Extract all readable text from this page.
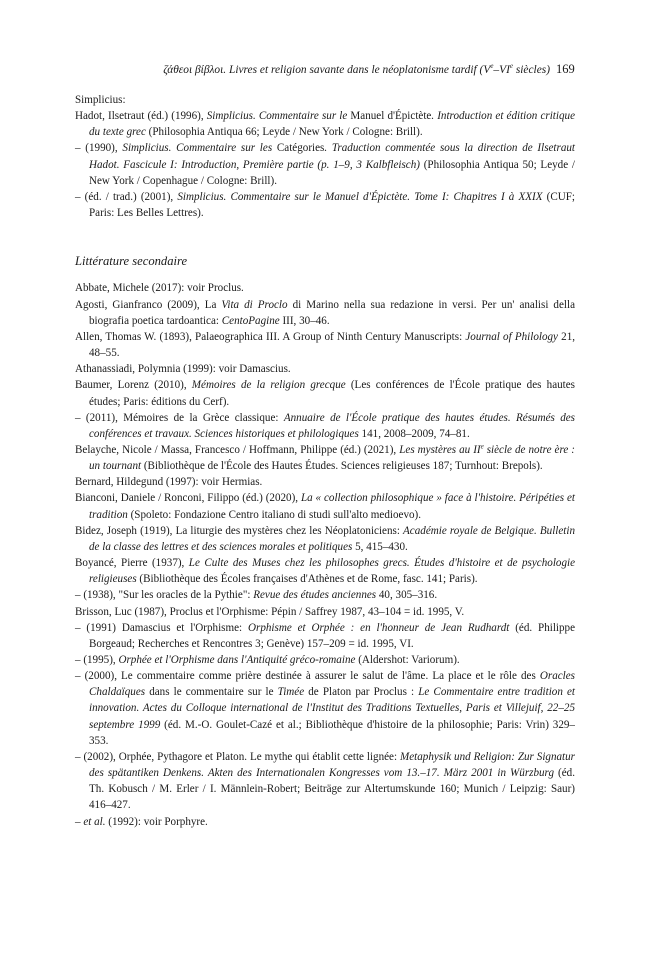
ζάθεοι βίβλοι. Livres et religion savante dans le néoplatonisme tardif (Ve–VIe siècles) 169
Simplicius:
Hadot, Ilsetraut (éd.) (1996), Simplicius. Commentaire sur le Manuel d'Épictète. Introduction et édition critique du texte grec (Philosophia Antiqua 66; Leyde / New York / Cologne: Brill).
– (1990), Simplicius. Commentaire sur les Catégories. Traduction commentée sous la direction de Ilsetraut Hadot. Fascicule I: Introduction, Première partie (p. 1–9, 3 Kalbfleisch) (Philosophia Antiqua 50; Leyde / New York / Copenhague / Cologne: Brill).
– (éd. / trad.) (2001), Simplicius. Commentaire sur le Manuel d'Épictète. Tome I: Chapitres I à XXIX (CUF; Paris: Les Belles Lettres).
Littérature secondaire
Abbate, Michele (2017): voir Proclus.
Agosti, Gianfranco (2009), La Vita di Proclo di Marino nella sua redazione in versi. Per un' analisi della biografia poetica tardoantica: CentoPagine III, 30–46.
Allen, Thomas W. (1893), Palaeographica III. A Group of Ninth Century Manuscripts: Journal of Philology 21, 48–55.
Athanassiadi, Polymnia (1999): voir Damascius.
Baumer, Lorenz (2010), Mémoires de la religion grecque (Les conférences de l'École pratique des hautes études; Paris: éditions du Cerf).
– (2011), Mémoires de la Grèce classique: Annuaire de l'École pratique des hautes études. Résumés des conférences et travaux. Sciences historiques et philologiques 141, 2008–2009, 74–81.
Belayche, Nicole / Massa, Francesco / Hoffmann, Philippe (éd.) (2021), Les mystères au IIe siècle de notre ère : un tournant (Bibliothèque de l'École des Hautes Études. Sciences religieuses 187; Turnhout: Brepols).
Bernard, Hildegund (1997): voir Hermias.
Bianconi, Daniele / Ronconi, Filippo (éd.) (2020), La « collection philosophique » face à l'histoire. Péripéties et tradition (Spoleto: Fondazione Centro italiano di studi sull'alto medioevo).
Bidez, Joseph (1919), La liturgie des mystères chez les Néoplatoniciens: Académie royale de Belgique. Bulletin de la classe des lettres et des sciences morales et politiques 5, 415–430.
Boyancé, Pierre (1937), Le Culte des Muses chez les philosophes grecs. Études d'histoire et de psychologie religieuses (Bibliothèque des Écoles françaises d'Athènes et de Rome, fasc. 141; Paris).
– (1938), "Sur les oracles de la Pythie": Revue des études anciennes 40, 305–316.
Brisson, Luc (1987), Proclus et l'Orphisme: Pépin / Saffrey 1987, 43–104 = id. 1995, V.
– (1991) Damascius et l'Orphisme: Orphisme et Orphée : en l'honneur de Jean Rudhardt (éd. Philippe Borgeaud; Recherches et Rencontres 3; Genève) 157–209 = id. 1995, VI.
– (1995), Orphée et l'Orphisme dans l'Antiquité gréco-romaine (Aldershot: Variorum).
– (2000), Le commentaire comme prière destinée à assurer le salut de l'âme. La place et le rôle des Oracles Chaldaïques dans le commentaire sur le Timée de Platon par Proclus : Le Commentaire entre tradition et innovation. Actes du Colloque international de l'Institut des Traditions Textuelles, Paris et Villejuif, 22–25 septembre 1999 (éd. M.-O. Goulet-Cazé et al.; Bibliothèque d'histoire de la philosophie; Paris: Vrin) 329–353.
– (2002), Orphée, Pythagore et Platon. Le mythe qui établit cette lignée: Metaphysik und Religion: Zur Signatur des spätantiken Denkens. Akten des Internationalen Kongresses vom 13.–17. März 2001 in Würzburg (éd. Th. Kobusch / M. Erler / I. Männlein-Robert; Beiträge zur Altertumskunde 160; Munich / Leipzig: Saur) 416–427.
– et al. (1992): voir Porphyre.
